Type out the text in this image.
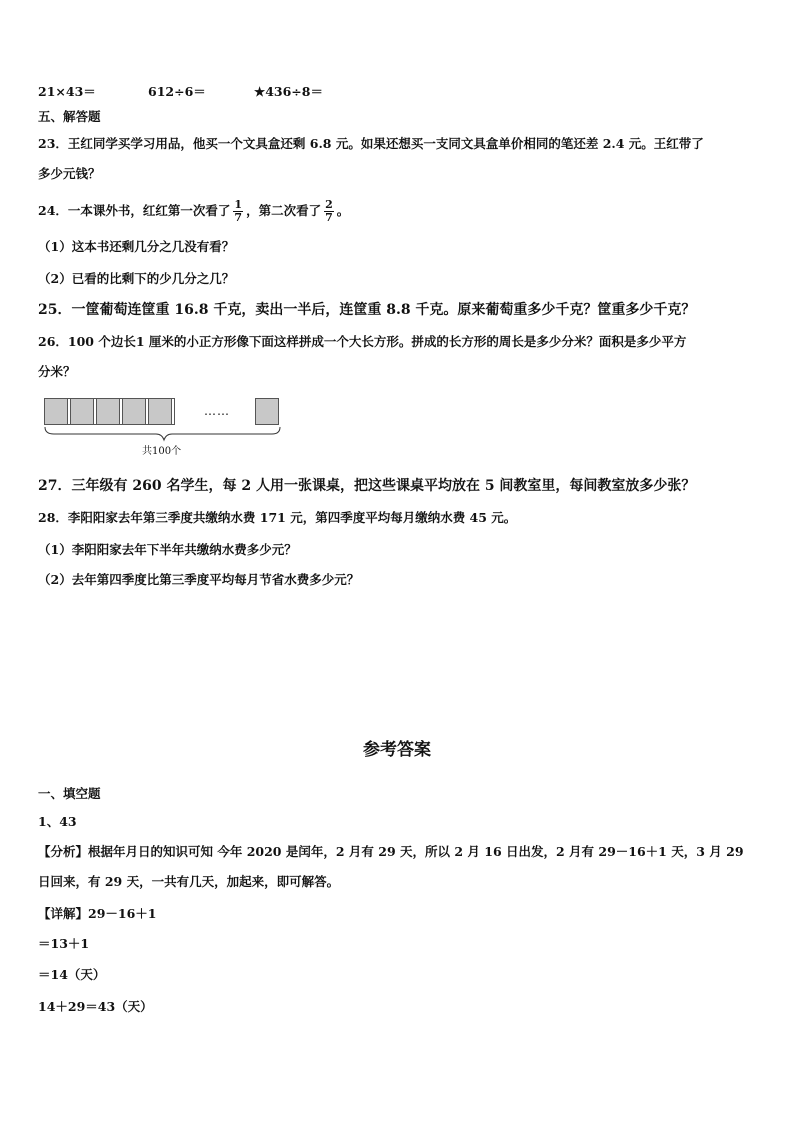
21×43＝	612÷6＝	★436÷8＝
五、解答题
23．王红同学买学习用品，他买一个文具盒还剩 6.8 元。如果还想买一支同文具盒单价相同的笔还差 2.4 元。王红带了
多少元钱？
24．一本课外书，红红第一次看了 $\frac{1}{7}$ ，第二次看了 $\frac{2}{7}$ 。
（1）这本书还剩几分之几没有看？
（2）已看的比剩下的少几分之几？
25．一筐葡萄连筐重 16.8 千克，卖出一半后，连筐重 8.8 千克。原来葡萄重多少千克？筐重多少千克？
26．100 个边长1 厘米的小正方形像下面这样拼成一个大长方形。拼成的长方形的周长是多少分米？面积是多少平方
分米？
……
共100个
27．三年级有 260 名学生，每 2 人用一张课桌，把这些课桌平均放在 5 间教室里，每间教室放多少张？
28．李阳阳家去年第三季度共缴纳水费 171 元，第四季度平均每月缴纳水费 45 元。
（1）李阳阳家去年下半年共缴纳水费多少元？
（2）去年第四季度比第三季度平均每月节省水费多少元？
参考答案
一、填空题
1、43
【分析】根据年月日的知识可知 今年 2020 是闰年，2 月有 29 天，所以 2 月 16 日出发，2 月有 29－16＋1 天，3 月 29
日回来，有 29 天，一共有几天，加起来，即可解答。
【详解】29－16＋1
＝13＋1
＝14（天）
14＋29＝43（天）
